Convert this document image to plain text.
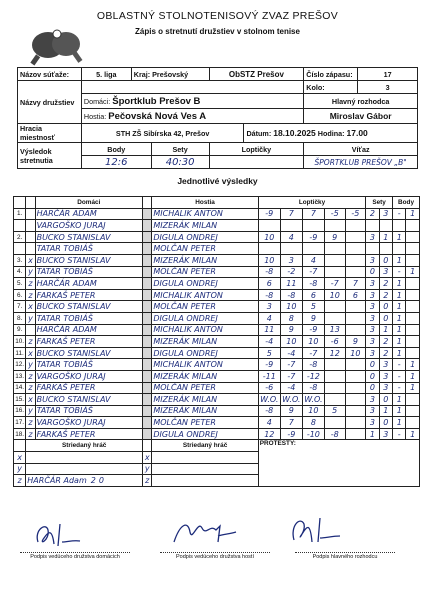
OBLASTNÝ STOLNOTENISOVÝ ZVAZ PREŠOV
Zápis o stretnutí družstiev v stolnom tenise
Názov súťaže:	5. liga	Kraj: Prešovský		ObSTZ Prešov		Číslo zápasu:	17
Názvy družstiev						Kolo:	3
	Domáci: Športklub Prešov B					Hlavný rozhodca	
	Hostia: Pečovská Nová Ves A					Miroslav Gábor	
Hracia miestnosť	STH ZŠ Sibírska 42, Prešov				Dátum: 18.10.2025 Hodina: 17.00		
Výsledok stretnutia	Body		Sety	Loptičky		Víťaz	
	12:6		40:30			ŠPORTKLUB PREŠOV „B"	
Jednotlivé výsledky
		Domáci		Hostia	Loptičky					Sety		Body	
1.		HARČÁR ADAM		MICHALIK ANTON	-9	7	7	-5	-5	2	3	-	1
		VARGOŠKO JURAJ		MIZERÁK MILAN									
2.		BUCKO STANISLAV		DIGULA ONDREJ	10	4	-9	9		3	1	1	
		TATAR TOBIÁŠ		MOLČAN PETER									
3.	x	BUCKO STANISLAV		MIZERÁK MILAN	10	3	4			3	0	1	
4.	y	TATAR TOBIÁŠ		MOLČAN PETER	-8	-2	-7			0	3	-	1
5.	z	HARČÁR ADAM		DIGULA ONDREJ	6	11	-8	-7	7	3	2	1	
6.	z	FARKAŠ PETER		MICHALIK ANTON	-8	-8	6	10	6	3	2	1	
7.	x	BUCKO STANISLAV		MOLČAN PETER	3	10	5			3	0	1	
8.	y	TATAR TOBIÁŠ		DIGULA ONDREJ	4	8	9			3	0	1	
9.		HARČÁR ADAM		MICHALIK ANTON	11	9	-9	13		3	1	1	
10.	z	FARKAŠ PETER		MIZERÁK MILAN	-4	10	10	-6	9	3	2	1	
11.	x	BUCKO STANISLAV		DIGULA ONDREJ	5	-4	-7	12	10	3	2	1	
12.	y	TATAR TOBIÁŠ		MICHALIK ANTON	-9	-7	-8			0	3	-	1
13.	z	VARGOŠKO JURAJ		MIZERÁK MILAN	-11	-7	-12			0	3	-	1
14.	z	FARKAŠ PETER		MOLČAN PETER	-6	-4	-8			0	3	-	1
15.	x	BUCKO STANISLAV		MIZERÁK MILAN	W.O.	W.O.	W.O.			3	0	1	
16.	y	TATAR TOBIÁŠ		MIZERÁK MILAN	-8	9	10	5		3	1	1	
17.	z	VARGOŠKO JURAJ		MOLČAN PETER	4	7	8			3	0	1	
18.	z	FARKAŠ PETER		DIGULA ONDREJ	12	-9	-10	-8		1	3	-	1
	Striedaný hráč			Striedaný hráč	PROTESTY:								
x			x										
y			y										
z	HARČÁR Adam 2 0		z										
Podpis vedúceho družstva domácich	Podpis vedúceho družstva hostí	Podpis hlavného rozhodcu
